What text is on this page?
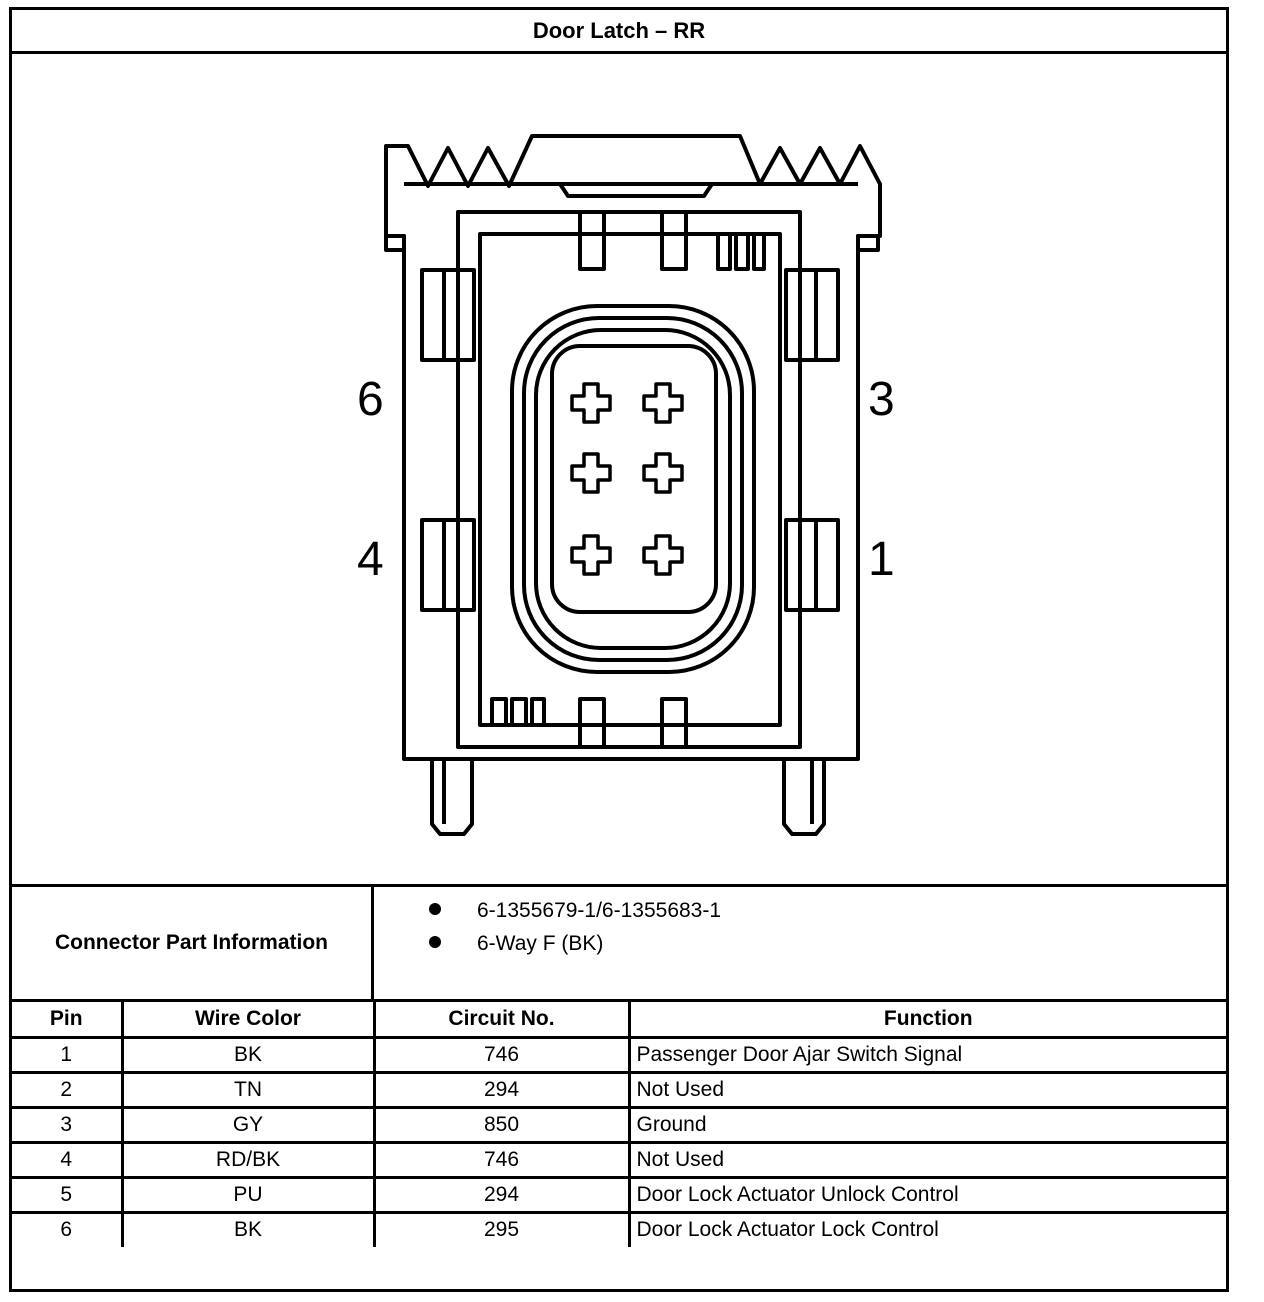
Door Latch – RR
6
4
3
1
Connector Part Information
6-1355679-1/6-1355683-1
6-Way F (BK)
Pin	Wire Color	Circuit No.	Function
1	BK	746	Passenger Door Ajar Switch Signal
2	TN	294	Not Used
3	GY	850	Ground
4	RD/BK	746	Not Used
5	PU	294	Door Lock Actuator Unlock Control
6	BK	295	Door Lock Actuator Lock Control
